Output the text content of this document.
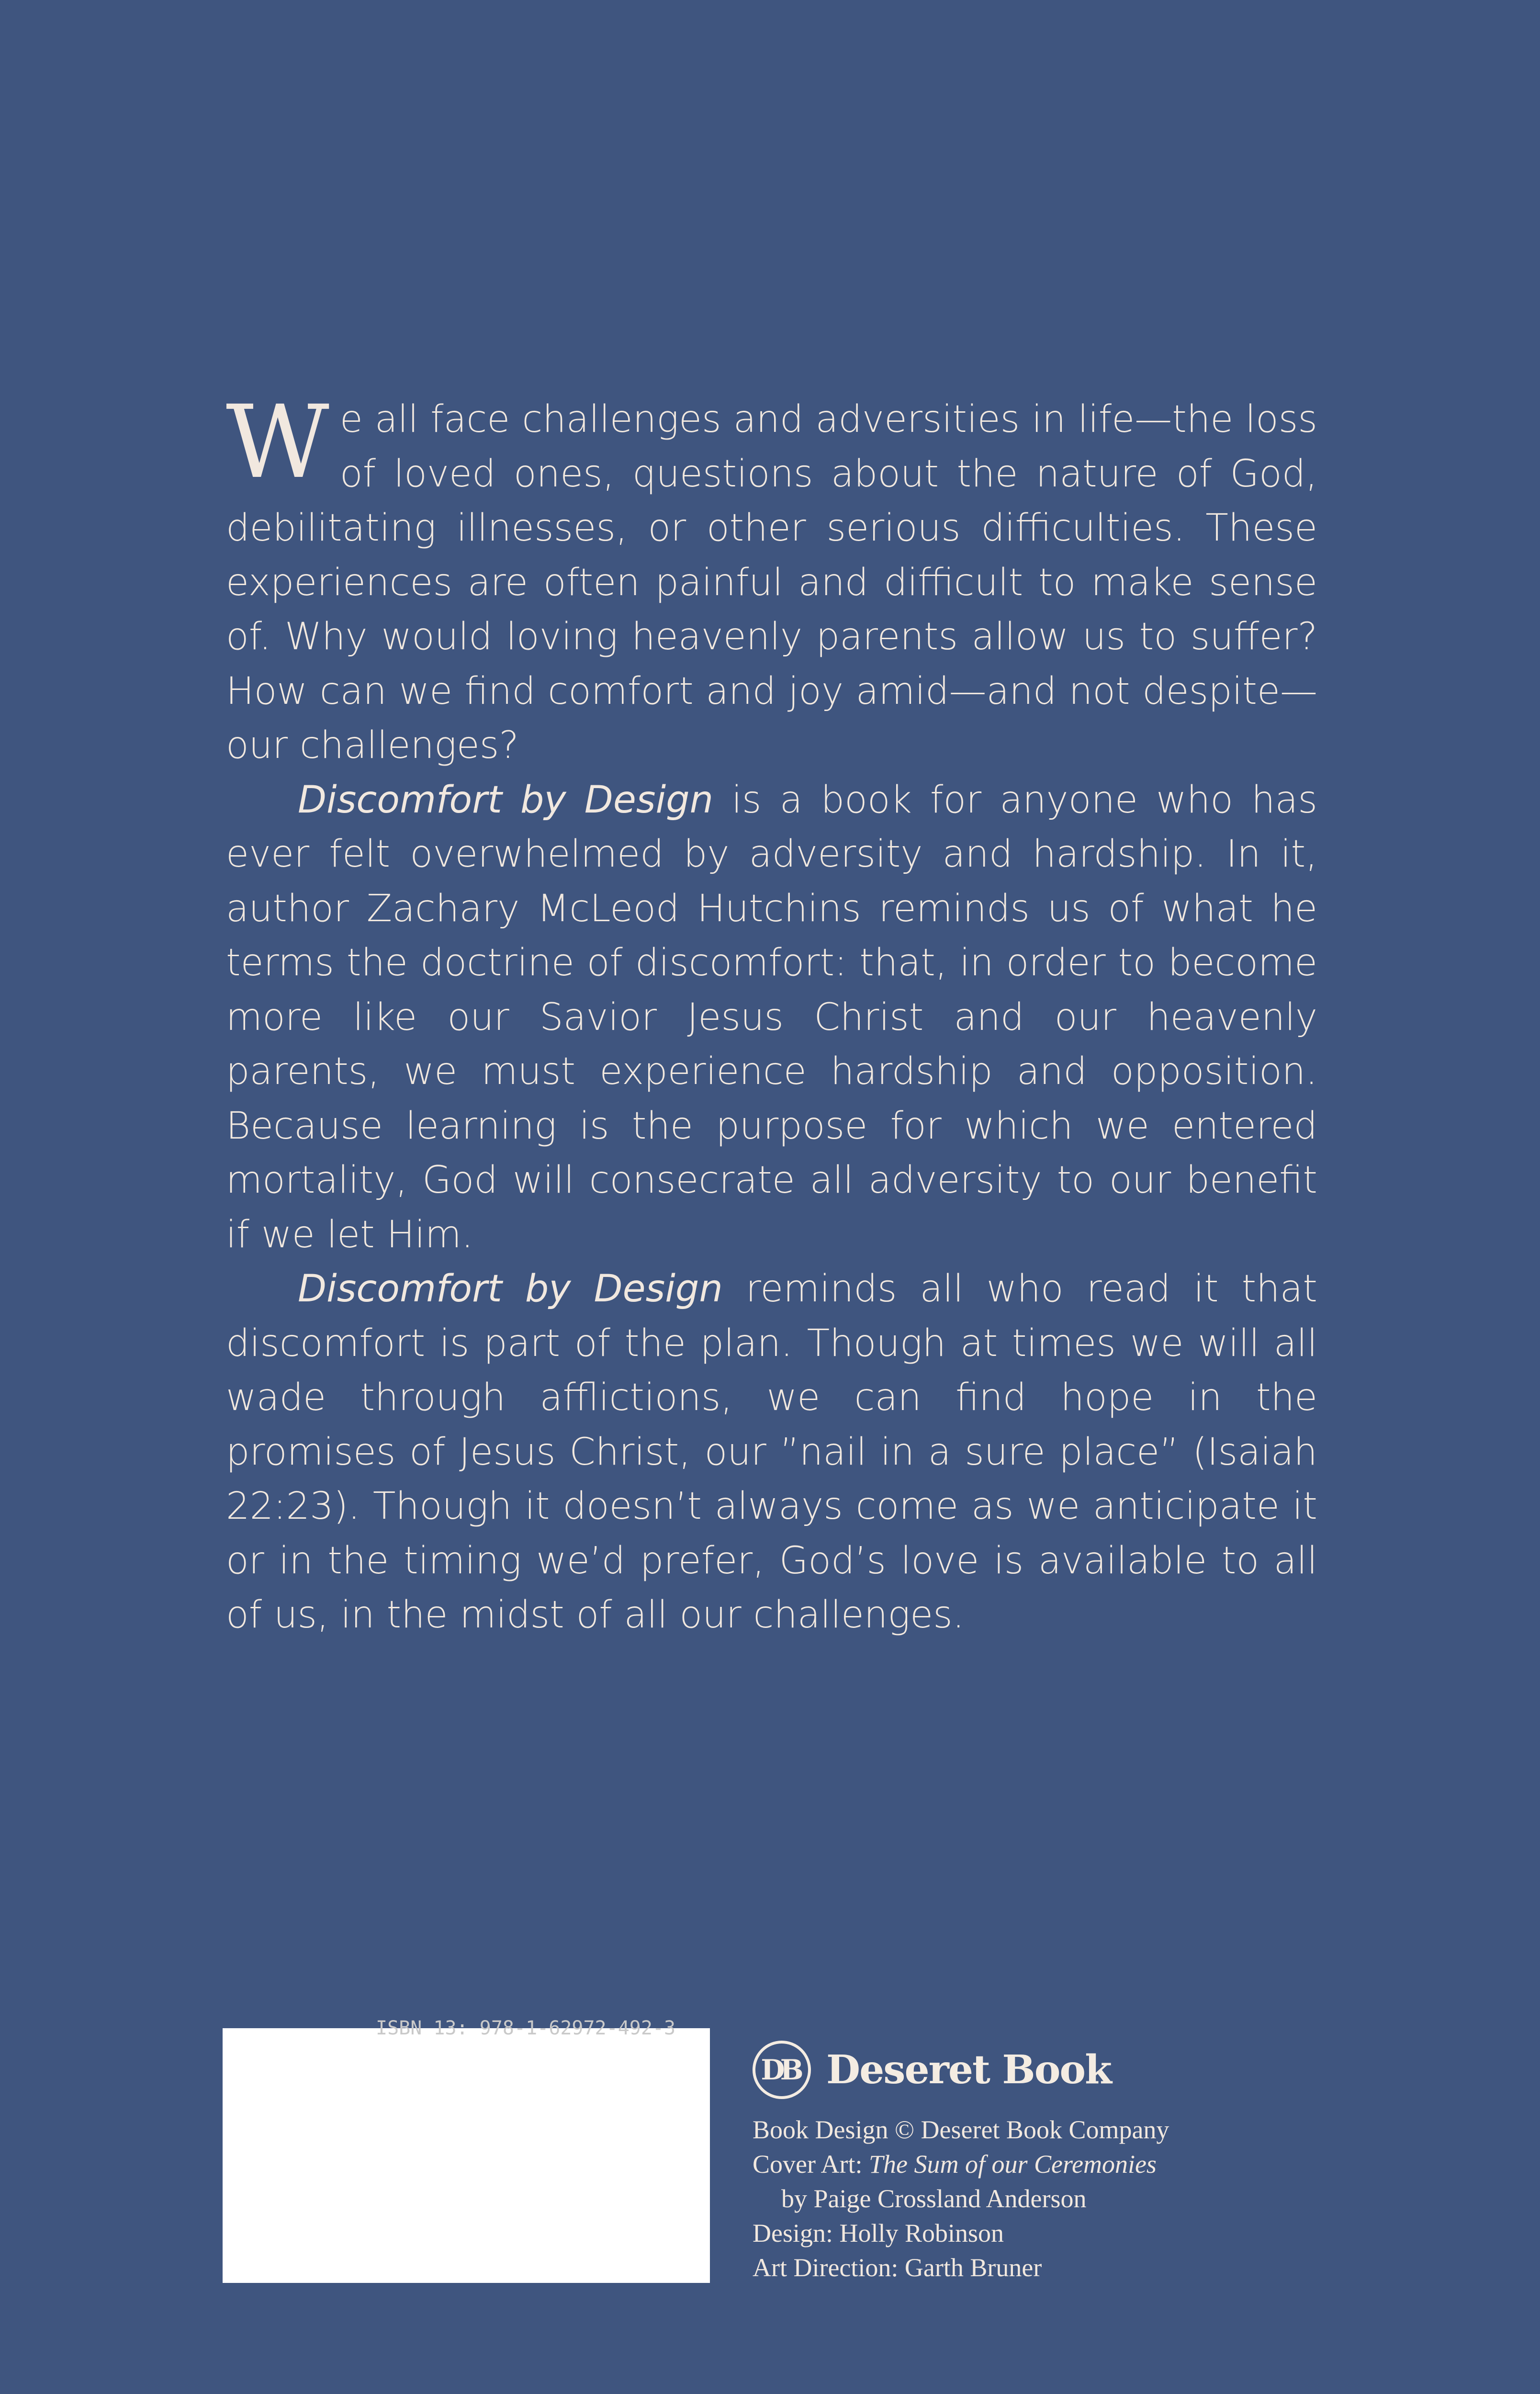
We all face challenges and adversities in life—the loss of loved ones, questions about the nature of God, debilitating illnesses, or other serious difficulties. These experiences are often painful and difficult to make sense of. Why would loving heavenly parents allow us to suffer? How can we find comfort and joy amid—and not despite—our challenges?

Discomfort by Design is a book for anyone who has ever felt overwhelmed by adversity and hardship. In it, author Zachary McLeod Hutchins reminds us of what he terms the doctrine of discomfort: that, in order to become more like our Savior Jesus Christ and our heavenly parents, we must experience hardship and opposition. Because learning is the purpose for which we entered mortality, God will consecrate all adversity to our benefit if we let Him.

Discomfort by Design reminds all who read it that discomfort is part of the plan. Though at times we will all wade through afflictions, we can find hope in the promises of Jesus Christ, our ”nail in a sure place” (Isaiah 22:23). Though it doesn’t always come as we anticipate it or in the timing we’d prefer, God’s love is available to all of us, in the midst of all our challenges.

ISBN 13: 978-1-62972-492-3
DB Deseret Book
Book Design © Deseret Book Company
Cover Art: The Sum of our Ceremonies
by Paige Crossland Anderson
Design: Holly Robinson
Art Direction: Garth Bruner
